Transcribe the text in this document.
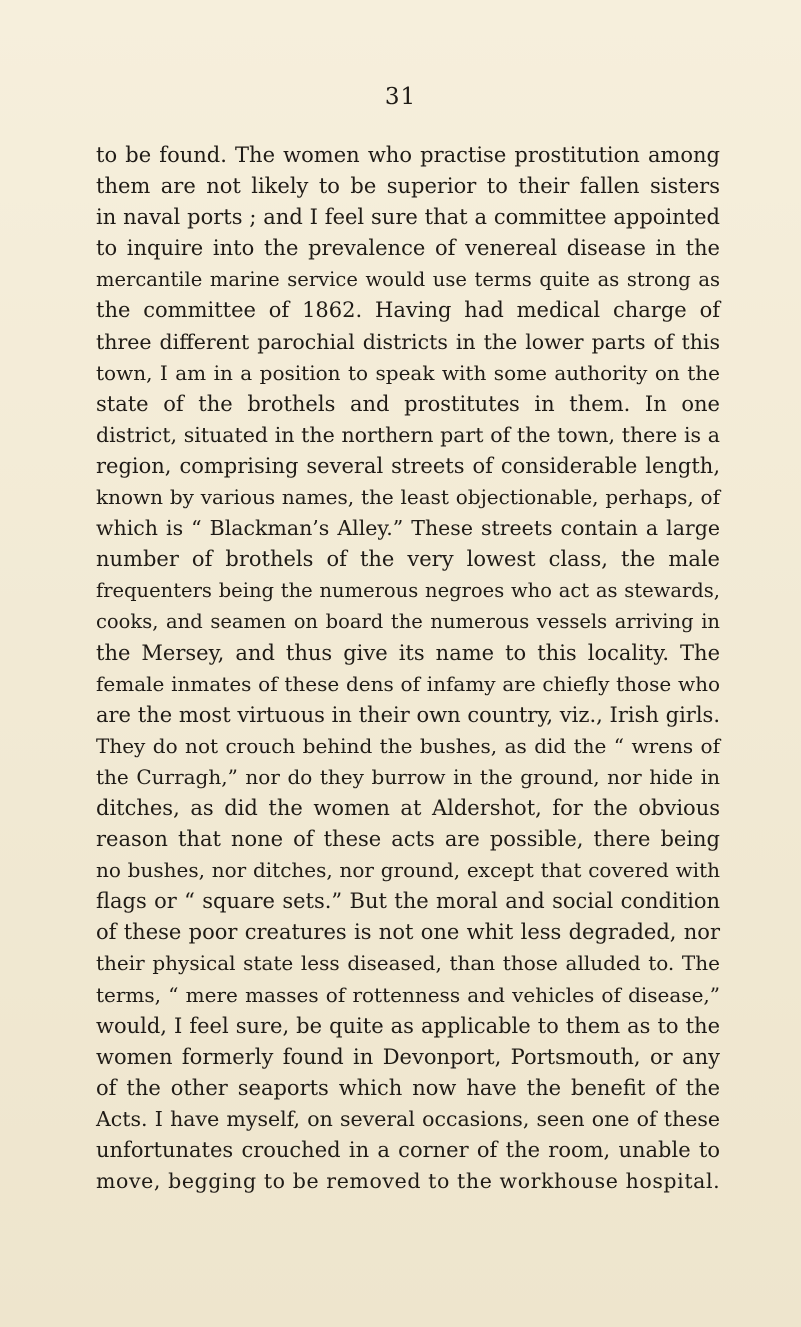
31
to be found. The women who practise prostitution among
them are not likely to be superior to their fallen sisters
in naval ports ; and I feel sure that a committee appointed
to inquire into the prevalence of venereal disease in the
mercantile marine service would use terms quite as strong as
the committee of 1862. Having had medical charge of
three different parochial districts in the lower parts of this
town, I am in a position to speak with some authority on the
state of the brothels and prostitutes in them. In one
district, situated in the northern part of the town, there is a
region, comprising several streets of considerable length,
known by various names, the least objectionable, perhaps, of
which is “ Blackman’s Alley.” These streets contain a large
number of brothels of the very lowest class, the male
frequenters being the numerous negroes who act as stewards,
cooks, and seamen on board the numerous vessels arriving in
the Mersey, and thus give its name to this locality. The
female inmates of these dens of infamy are chiefly those who
are the most virtuous in their own country, viz., Irish girls.
They do not crouch behind the bushes, as did the “ wrens of
the Curragh,” nor do they burrow in the ground, nor hide in
ditches, as did the women at Aldershot, for the obvious
reason that none of these acts are possible, there being
no bushes, nor ditches, nor ground, except that covered with
flags or “ square sets.” But the moral and social condition
of these poor creatures is not one whit less degraded, nor
their physical state less diseased, than those alluded to. The
terms, “ mere masses of rottenness and vehicles of disease,”
would, I feel sure, be quite as applicable to them as to the
women formerly found in Devonport, Portsmouth, or any
of the other seaports which now have the benefit of the
Acts. I have myself, on several occasions, seen one of these
unfortunates crouched in a corner of the room, unable to
move, begging to be removed to the workhouse hospital.
